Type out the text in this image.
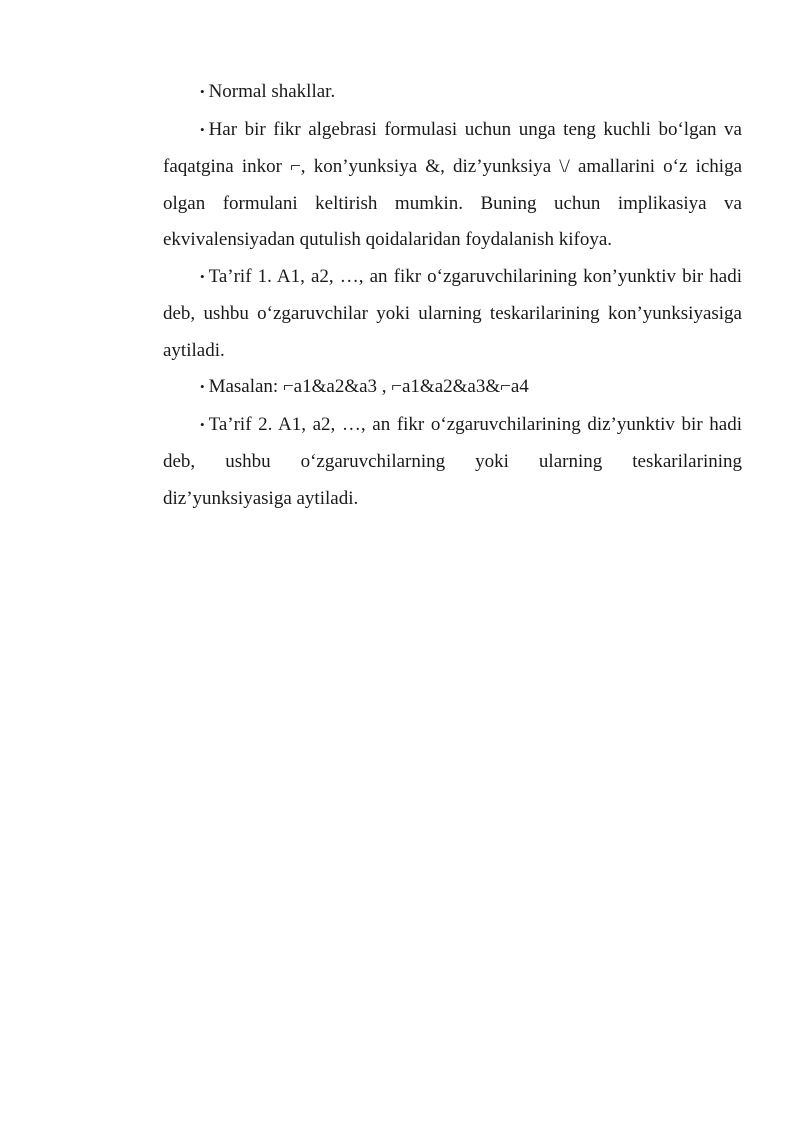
• Normal shakllar.

• Har bir fikr algebrasi formulasi uchun unga teng kuchli bo‘lgan va faqatgina inkor ⌐, kon’yunksiya &, diz’yunksiya \/ amallarini o‘z ichiga olgan formulani keltirish mumkin. Buning uchun implikasiya va ekvivalensiyadan qutulish qoidalaridan foydalanish kifoya.

• Ta’rif 1. A1, a2, …, an fikr o‘zgaruvchilarining kon’yunktiv bir hadi deb, ushbu o‘zgaruvchilar yoki ularning teskarilarining kon’yunksiyasiga aytiladi.

• Masalan: ⌐a1&a2&a3 , ⌐a1&a2&a3&⌐a4

• Ta’rif 2. A1, a2, …, an fikr o‘zgaruvchilarining diz’yunktiv bir hadi deb, ushbu o‘zgaruvchilarning yoki ularning teskarilarining diz’yunksiyasiga aytiladi.
